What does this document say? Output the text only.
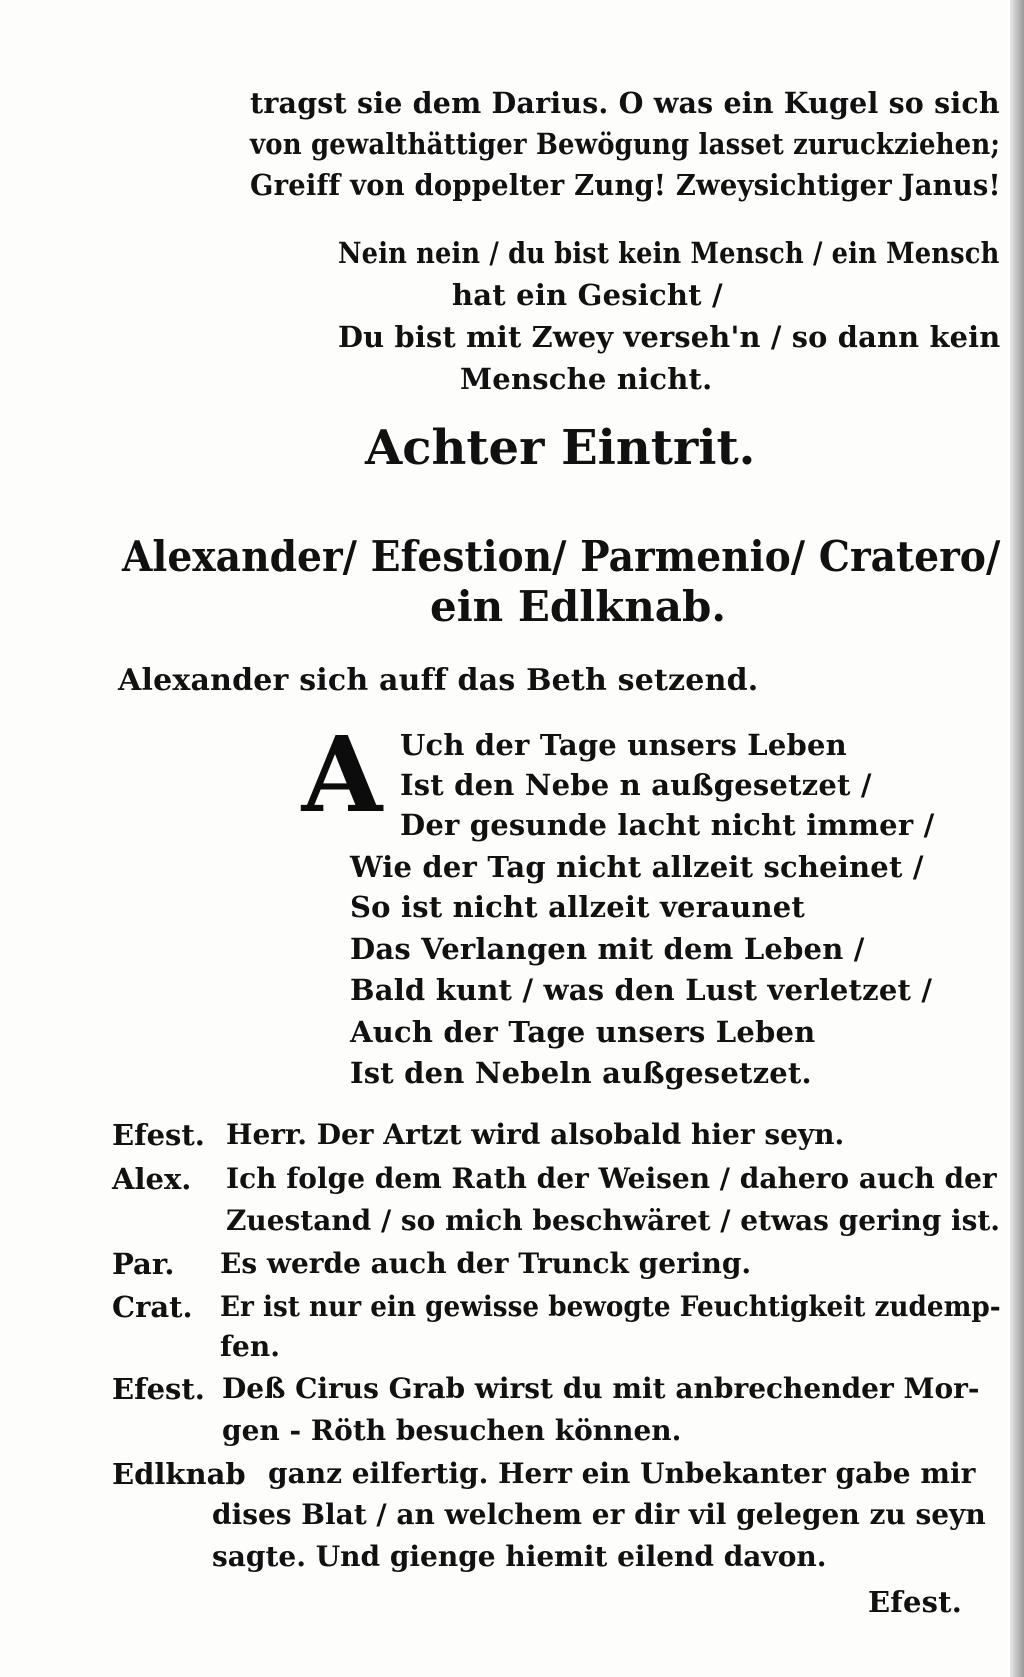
tragst sie dem Darius. O was ein Kugel so sich
von gewalthättiger Bewögung lasset zuruckziehen;
Greiff von doppelter Zung! Zweysichtiger Janus!
Nein nein / du bist kein Mensch / ein Mensch
hat ein Gesicht /
Du bist mit Zwey verseh'n / so dann kein
Mensche nicht.
Achter Eintrit.
Alexander/ Efestion/ Parmenio/ Cratero/
ein Edlknab.
Alexander sich auff das Beth setzend.
A Uch der Tage unsers Leben
Ist den Nebe n außgesetzet /
Der gesunde lacht nicht immer /
Wie der Tag nicht allzeit scheinet /
So ist nicht allzeit veraunet
Das Verlangen mit dem Leben /
Bald kunt / was den Lust verletzet /
Auch der Tage unsers Leben
Ist den Nebeln außgesetzet.
Efest. Herr. Der Artzt wird alsobald hier seyn.
Alex. Ich folge dem Rath der Weisen / dahero auch der
Zuestand / so mich beschwäret / etwas gering ist.
Par. Es werde auch der Trunck gering.
Crat. Er ist nur ein gewisse bewogte Feuchtigkeit zudemp-
fen.
Efest. Deß Cirus Grab wirst du mit anbrechender Mor-
gen - Röth besuchen können.
Edlknab ganz eilfertig. Herr ein Unbekanter gabe mir
dises Blat / an welchem er dir vil gelegen zu seyn
sagte. Und gienge hiemit eilend davon.
Efest.
